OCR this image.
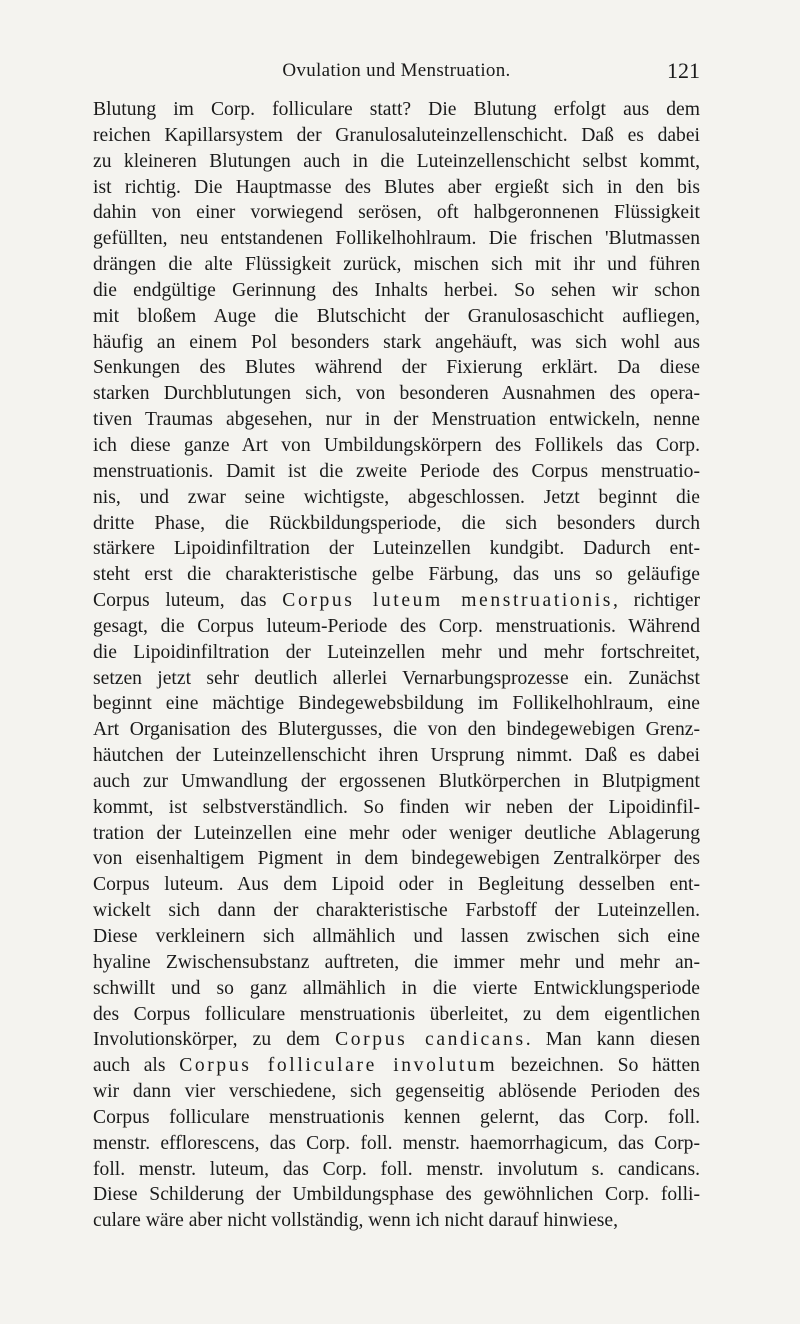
Ovulation und Menstruation.	121
Blutung im Corp. folliculare statt? Die Blutung erfolgt aus dem
reichen Kapillarsystem der Granulosaluteinzellenschicht. Daß es dabei
zu kleineren Blutungen auch in die Luteinzellenschicht selbst kommt,
ist richtig. Die Hauptmasse des Blutes aber ergießt sich in den bis
dahin von einer vorwiegend serösen, oft halbgeronnenen Flüssigkeit
gefüllten, neu entstandenen Follikelhohlraum. Die frischen 'Blutmassen
drängen die alte Flüssigkeit zurück, mischen sich mit ihr und führen
die endgültige Gerinnung des Inhalts herbei. So sehen wir schon
mit bloßem Auge die Blutschicht der Granulosaschicht aufliegen,
häufig an einem Pol besonders stark angehäuft, was sich wohl aus
Senkungen des Blutes während der Fixierung erklärt. Da diese
starken Durchblutungen sich, von besonderen Ausnahmen des opera-
tiven Traumas abgesehen, nur in der Menstruation entwickeln, nenne
ich diese ganze Art von Umbildungskörpern des Follikels das Corp.
menstruationis. Damit ist die zweite Periode des Corpus menstruatio-
nis, und zwar seine wichtigste, abgeschlossen. Jetzt beginnt die
dritte Phase, die Rückbildungsperiode, die sich besonders durch
stärkere Lipoidinfiltration der Luteinzellen kundgibt. Dadurch ent-
steht erst die charakteristische gelbe Färbung, das uns so geläufige
Corpus luteum, das Corpus luteum menstruationis, richtiger
gesagt, die Corpus luteum-Periode des Corp. menstruationis. Während
die Lipoidinfiltration der Luteinzellen mehr und mehr fortschreitet,
setzen jetzt sehr deutlich allerlei Vernarbungsprozesse ein. Zunächst
beginnt eine mächtige Bindegewebsbildung im Follikelhohlraum, eine
Art Organisation des Blutergusses, die von den bindegewebigen Grenz-
häutchen der Luteinzellenschicht ihren Ursprung nimmt. Daß es dabei
auch zur Umwandlung der ergossenen Blutkörperchen in Blutpigment
kommt, ist selbstverständlich. So finden wir neben der Lipoidinfil-
tration der Luteinzellen eine mehr oder weniger deutliche Ablagerung
von eisenhaltigem Pigment in dem bindegewebigen Zentralkörper des
Corpus luteum. Aus dem Lipoid oder in Begleitung desselben ent-
wickelt sich dann der charakteristische Farbstoff der Luteinzellen.
Diese verkleinern sich allmählich und lassen zwischen sich eine
hyaline Zwischensubstanz auftreten, die immer mehr und mehr an-
schwillt und so ganz allmählich in die vierte Entwicklungsperiode
des Corpus folliculare menstruationis überleitet, zu dem eigentlichen
Involutionskörper, zu dem Corpus candicans. Man kann diesen
auch als Corpus folliculare involutum bezeichnen. So hätten
wir dann vier verschiedene, sich gegenseitig ablösende Perioden des
Corpus folliculare menstruationis kennen gelernt, das Corp. foll.
menstr. efflorescens, das Corp. foll. menstr. haemorrhagicum, das Corp-
foll. menstr. luteum, das Corp. foll. menstr. involutum s. candicans.
Diese Schilderung der Umbildungsphase des gewöhnlichen Corp. folli-
culare wäre aber nicht vollständig, wenn ich nicht darauf hinwiese,
